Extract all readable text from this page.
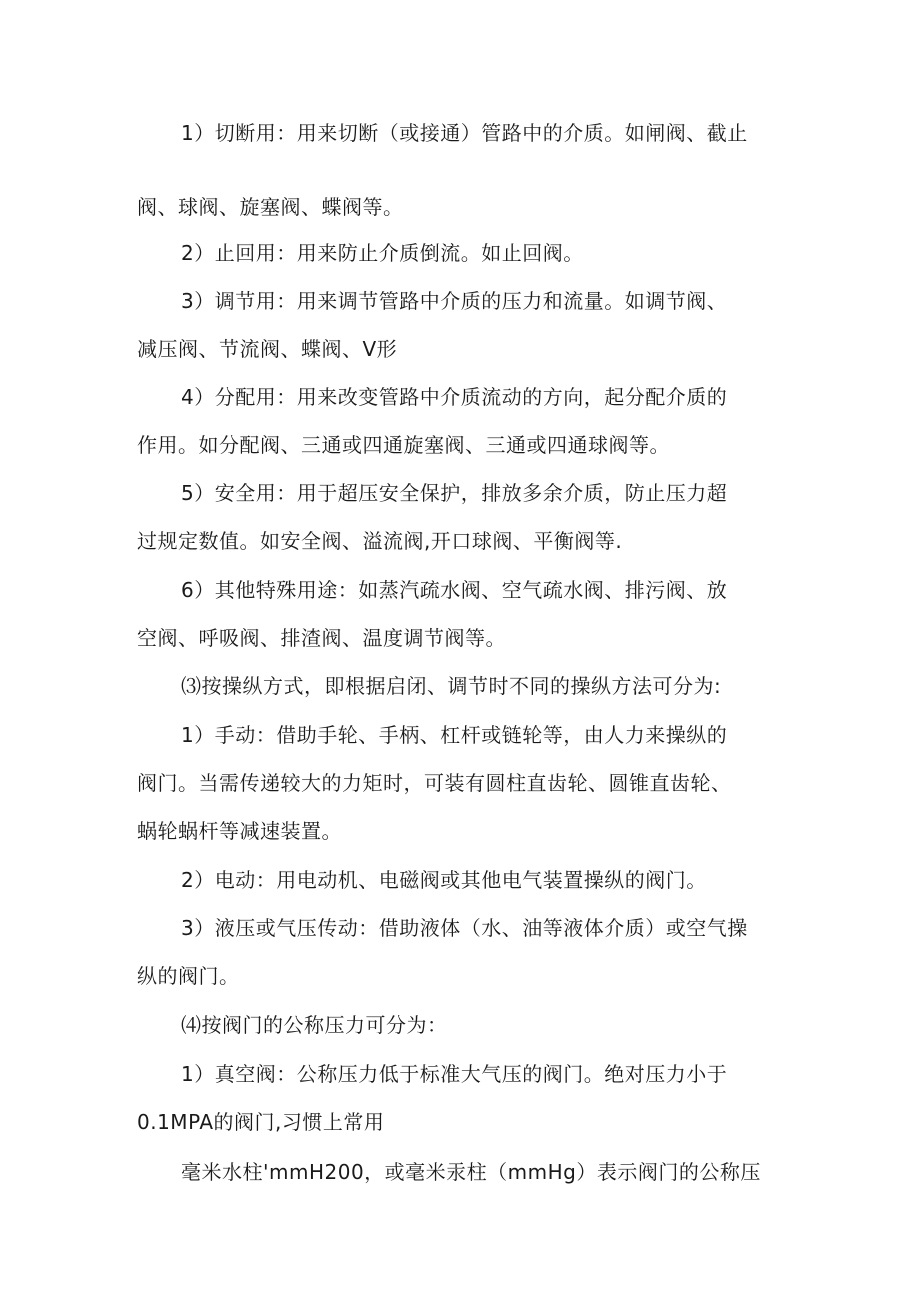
1）切断用：用来切断（或接通）管路中的介质。如闸阀、截止
阀、球阀、旋塞阀、蝶阀等。
2）止回用：用来防止介质倒流。如止回阀。
3）调节用：用来调节管路中介质的压力和流量。如调节阀、
减压阀、节流阀、蝶阀、V形
4）分配用：用来改变管路中介质流动的方向，起分配介质的
作用。如分配阀、三通或四通旋塞阀、三通或四通球阀等。
5）安全用：用于超压安全保护，排放多余介质，防止压力超
过规定数值。如安全阀、溢流阀,开口球阀、平衡阀等.
6）其他特殊用途：如蒸汽疏水阀、空气疏水阀、排污阀、放
空阀、呼吸阀、排渣阀、温度调节阀等。
⑶按操纵方式，即根据启闭、调节时不同的操纵方法可分为:
1）手动：借助手轮、手柄、杠杆或链轮等，由人力来操纵的
阀门。当需传递较大的力矩时，可装有圆柱直齿轮、圆锥直齿轮、
蜗轮蜗杆等减速装置。
2）电动：用电动机、电磁阀或其他电气装置操纵的阀门。
3）液压或气压传动：借助液体（水、油等液体介质）或空气操
纵的阀门。
⑷按阀门的公称压力可分为：
1）真空阀：公称压力低于标准大气压的阀门。绝对压力小于
0.1MPA的阀门,习惯上常用
毫米水柱'mmH200，或毫米汞柱（mmHg）表示阀门的公称压
